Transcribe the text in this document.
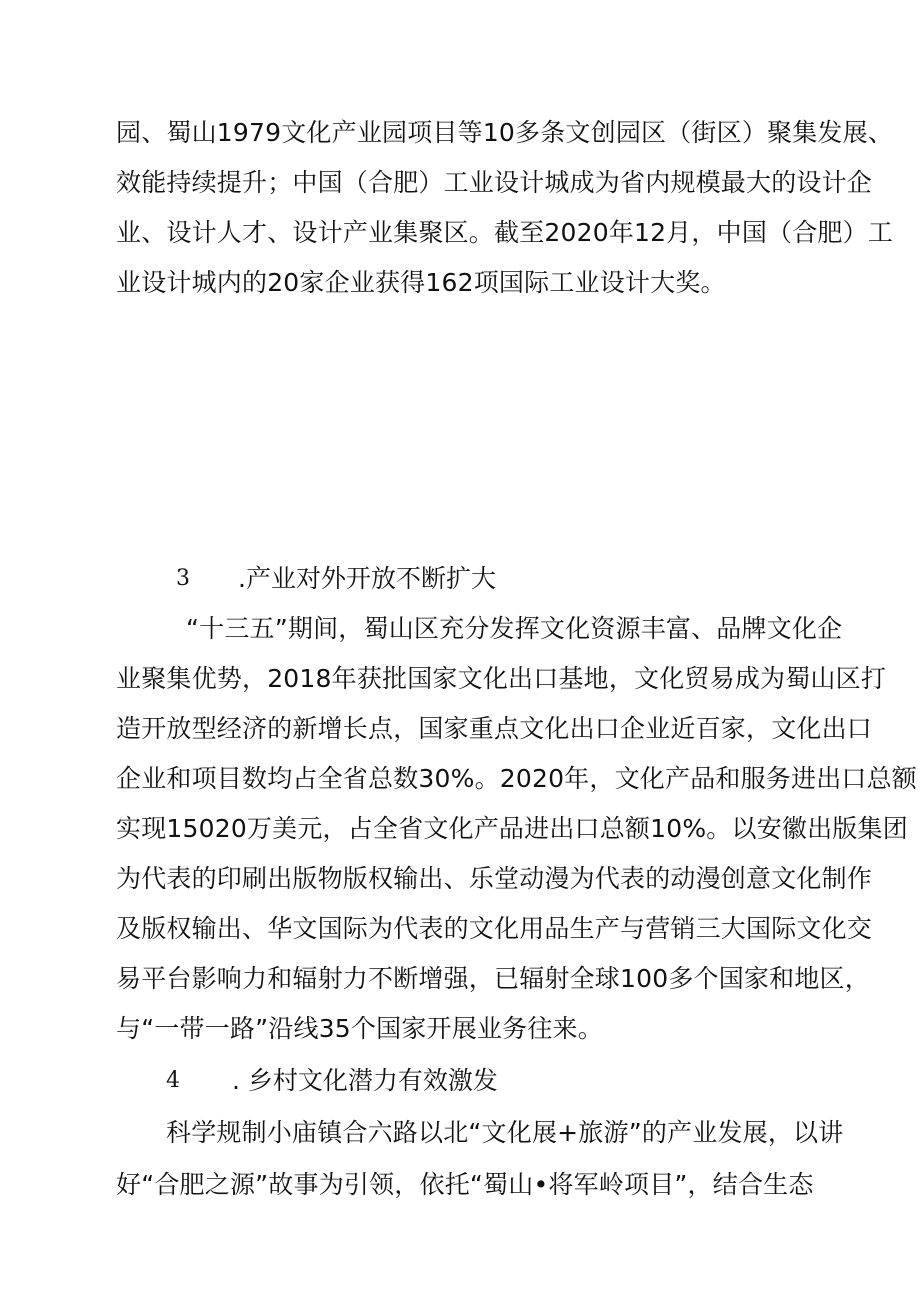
园、蜀山1979文化产业园项目等10多条文创园区（街区）聚集发展、
效能持续提升；中国（合肥）工业设计城成为省内规模最大的设计企
业、设计人才、设计产业集聚区。截至2020年12月，中国（合肥）工
业设计城内的20家企业获得162项国际工业设计大奖。
3 .产业对外开放不断扩大
“十三五”期间，蜀山区充分发挥文化资源丰富、品牌文化企
业聚集优势，2018年获批国家文化出口基地，文化贸易成为蜀山区打
造开放型经济的新增长点，国家重点文化出口企业近百家，文化出口
企业和项目数均占全省总数30%。2020年，文化产品和服务进出口总额
实现15020万美元，占全省文化产品进出口总额10%。以安徽出版集团
为代表的印刷出版物版权输出、乐堂动漫为代表的动漫创意文化制作
及版权输出、华文国际为代表的文化用品生产与营销三大国际文化交
易平台影响力和辐射力不断增强，已辐射全球100多个国家和地区，
与“一带一路”沿线35个国家开展业务往来。
4 . 乡村文化潜力有效激发
科学规制小庙镇合六路以北“文化展+旅游”的产业发展，以讲
好“合肥之源”故事为引领，依托“蜀山•将军岭项目”，结合生态
